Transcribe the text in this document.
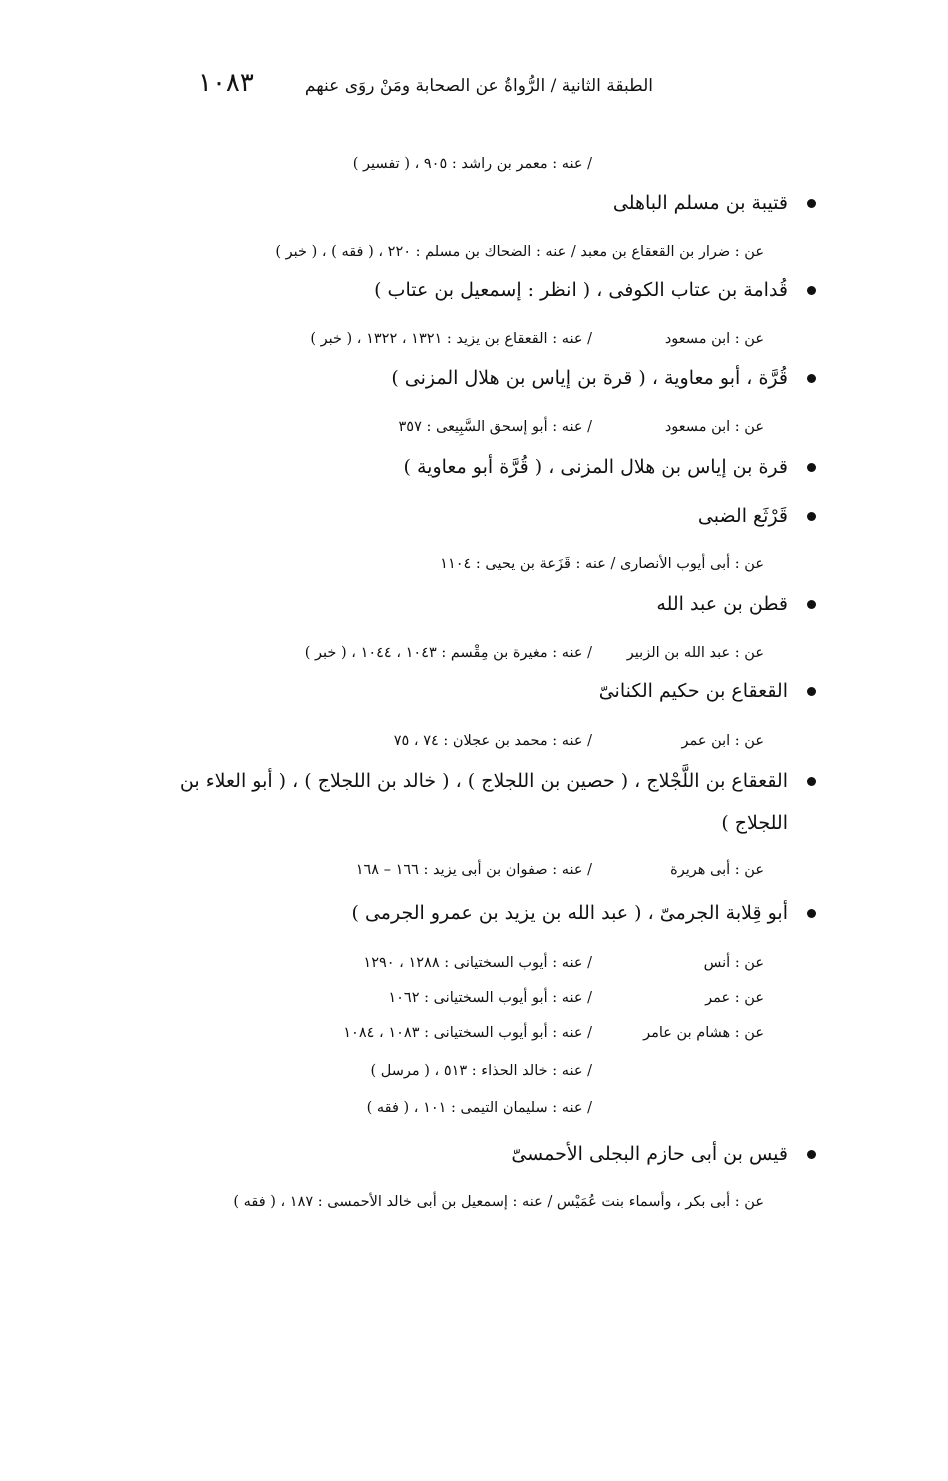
الطبقة الثانية / الرُّواةُ عن الصحابة ومَنْ روَى عنهم
١٠٨٣
/ عنه : معمر بن راشد : ٩٠٥ ، ( تفسير )
قتيبة بن مسلم الباهلى
عن : ضرار بن القعقاع بن معبد / عنه : الضحاك بن مسلم : ٢٢٠ ، ( فقه ) ، ( خبر )
قُدامة بن عتاب الكوفى ، ( انظر : إسمعيل بن عتاب )
عن : ابن مسعود
/ عنه : القعقاع بن يزيد : ١٣٢١ ، ١٣٢٢ ، ( خبر )
قُرَّة ، أبو معاوية ، ( قرة بن إياس بن هلال المزنى )
عن : ابن مسعود
/ عنه : أبو إسحق السَّبِيعى : ٣٥٧
قرة بن إياس بن هلال المزنى ، ( قُرَّة أبو معاوية )
قَرْثَع الضبى
عن : أبى أيوب الأنصارى / عنه : قَزَعة بن يحيى : ١١٠٤
قطن بن عبد الله
عن : عبد الله بن الزبير
/ عنه : مغيرة بن مِقْسم : ١٠٤٣ ، ١٠٤٤ ، ( خبر )
القعقاع بن حكيم الكنانىّ
عن : ابن عمر
/ عنه : محمد بن عجلان : ٧٤ ، ٧٥
القعقاع بن اللَّجْلاج ، ( حصين بن اللجلاج ) ، ( خالد بن اللجلاج ) ، ( أبو العلاء بن
اللجلاج )
عن : أبى هريرة
/ عنه : صفوان بن أبى يزيد : ١٦٦ – ١٦٨
أبو قِلابة الجرمىّ ، ( عبد الله بن يزيد بن عمرو الجرمى )
عن : أنس
/ عنه : أيوب السختيانى : ١٢٨٨ ، ١٢٩٠
عن : عمر
/ عنه : أبو أيوب السختيانى : ١٠٦٢
عن : هشام بن عامر
/ عنه : أبو أيوب السختيانى : ١٠٨٣ ، ١٠٨٤
/ عنه : خالد الحذاء : ٥١٣ ، ( مرسل )
/ عنه : سليمان التيمى : ١٠١ ، ( فقه )
قيس بن أبى حازم البجلى الأحمسىّ
عن : أبى بكر ، وأسماء بنت عُمَيْس / عنه : إسمعيل بن أبى خالد الأحمسى : ١٨٧ ، ( فقه )
